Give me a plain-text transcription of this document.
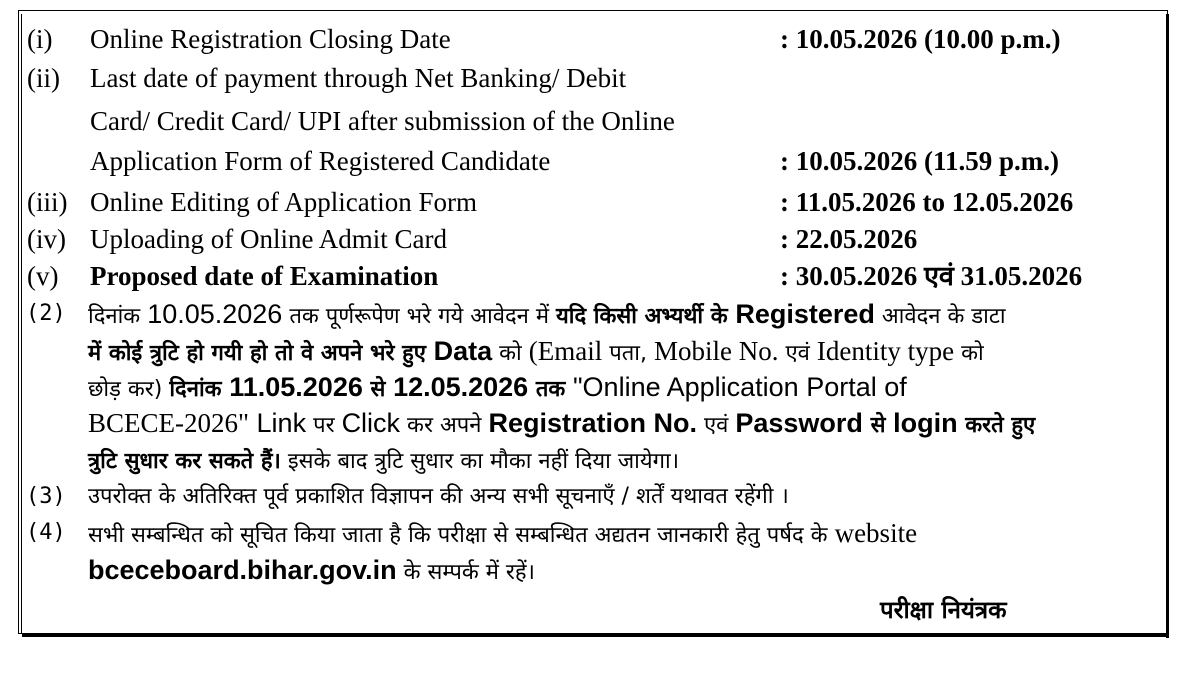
(i) Online Registration Closing Date	: 10.05.2026 (10.00 p.m.)
(ii) Last date of payment through Net Banking/ Debit
Card/ Credit Card/ UPI after submission of the Online
Application Form of Registered Candidate	: 10.05.2026 (11.59 p.m.)
(iii) Online Editing of Application Form	: 11.05.2026 to 12.05.2026
(iv) Uploading of Online Admit Card	: 22.05.2026
(v) Proposed date of Examination	: 30.05.2026 एवं 31.05.2026
(2) दिनांक 10.05.2026 तक पूर्णरूपेण भरे गये आवेदन में यदि किसी अभ्यर्थी के Registered आवेदन के डाटा
में कोई त्रुटि हो गयी हो तो वे अपने भरे हुए Data को (Email पता, Mobile No. एवं Identity type को
छोड़ कर) दिनांक 11.05.2026 से 12.05.2026 तक "Online Application Portal of
BCECE-2026" Link पर Click कर अपने Registration No. एवं Password से login करते हुए
त्रुटि सुधार कर सकते हैं। इसके बाद त्रुटि सुधार का मौका नहीं दिया जायेगा।
(3) उपरोक्त के अतिरिक्त पूर्व प्रकाशित विज्ञापन की अन्य सभी सूचनाएँ / शर्तें यथावत रहेंगी ।
(4) सभी सम्बन्धित को सूचित किया जाता है कि परीक्षा से सम्बन्धित अद्यतन जानकारी हेतु पर्षद के website
bceceboard.bihar.gov.in के सम्पर्क में रहें।
परीक्षा नियंत्रक
